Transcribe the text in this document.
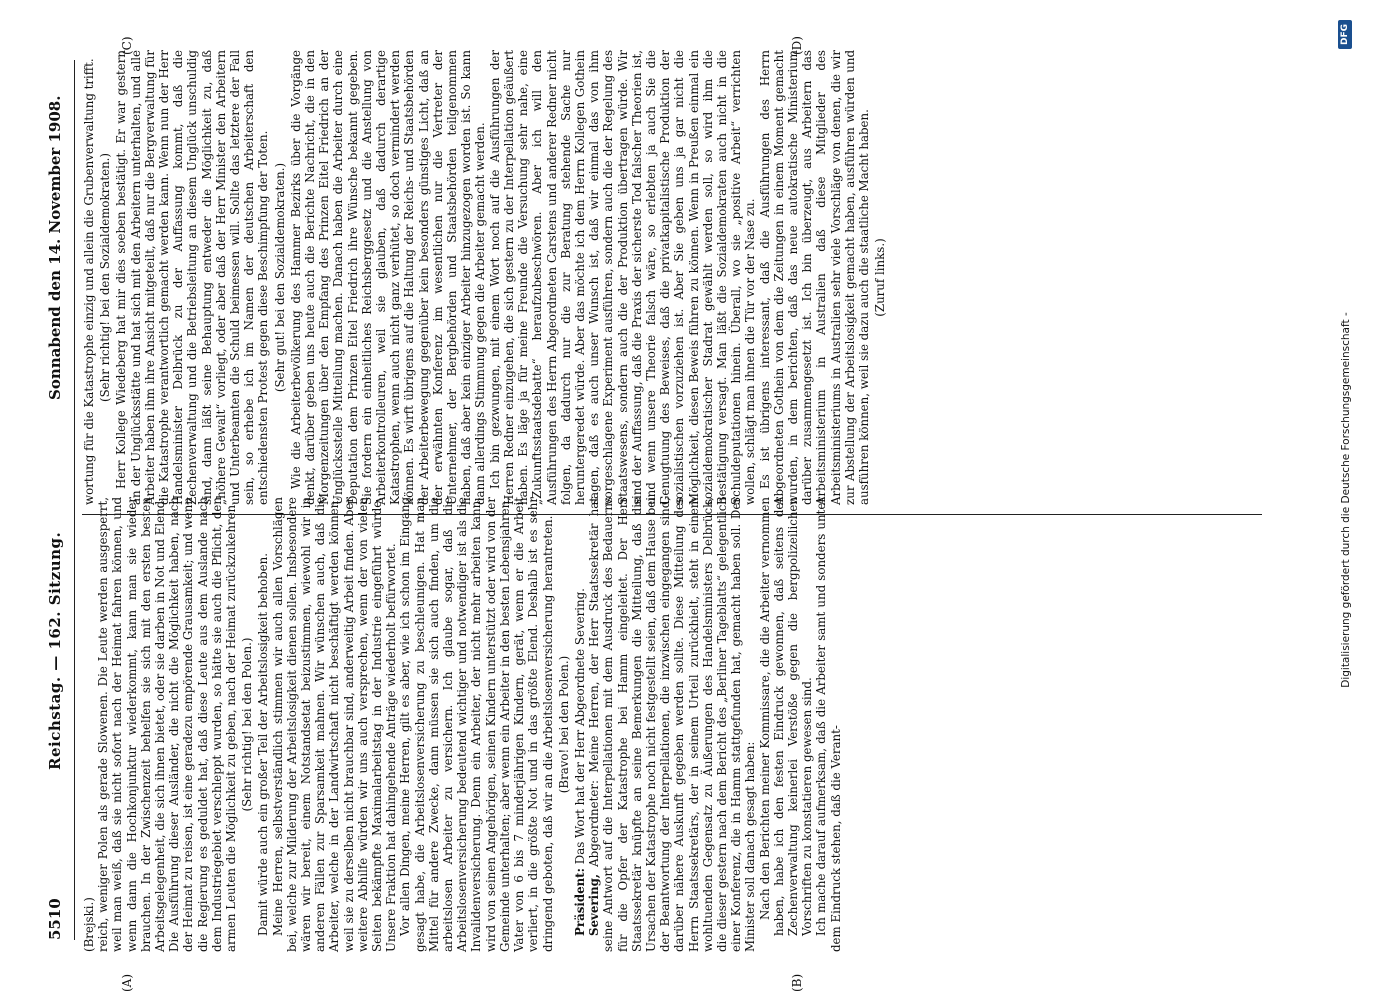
5510
Reichstag. — 162. Sitzung.
Sonnabend den 14. November 1908.
(A)	(B)
(C)	(D)

(Brejski.) reich, weniger Polen als gerade Slowenen. Die Leute werden ausgesperrt, weil man weiß, daß sie nicht sofort nach der Heimat fahren können, und wenn dann die Hochkonjunktur wiederkommt, kann man sie wieder brauchen. In der Zwischenzeit behelfen sie sich mit den ersten besten Arbeitsgelegenheit, die sich ihnen bietet, oder sie darben in Not und Elend. Die Ausführung dieser Ausländer, die nicht die Möglichkeit haben, nach der Heimat zu reisen, ist eine geradezu empörende Grausamkeit; und wenn die Regierung es geduldet hat, daß diese Leute aus dem Auslande nach dem Industriegebiet verschleppt wurden, so hätte sie auch die Pflicht, den armen Leuten die Möglichkeit zu geben, nach der Heimat zurückzukehren. (Sehr richtig! bei den Polen.) Damit würde auch ein großer Teil der Arbeitslosigkeit behoben. Meine Herren, selbstverständlich stimmen wir auch allen Vorschlägen bei, welche zur Milderung der Arbeitslosigkeit dienen sollen. Insbesondere wären wir bereit, einem Notstandsetat beizustimmen, wiewohl wir in anderen Fällen zur Sparsamkeit mahnen. Wir wünschen auch, daß die Arbeiter, welche in der Landwirtschaft nicht beschäftigt werden können, weil sie zu derselben nicht brauchbar sind, anderweitig Arbeit finden. Aber weitere Abhilfe würden wir uns auch versprechen, wenn der von vielen Seiten bekämpfte Maximalarbeitstag in der Industrie eingeführt würde. Unsere Fraktion hat dahingehende Anträge wiederholt befürwortet. Vor allen Dingen, meine Herren, gilt es aber, wie ich schon im Eingang gesagt habe, die Arbeitslosenversicherung zu beschleunigen. Hat man Mittel für andere Zwecke, dann müssen sie sich auch finden, um die arbeitslosen Arbeiter zu versichern. Ich glaube sogar, daß die Arbeitslosenversicherung bedeutend wichtiger und notwendiger ist als die Invalidenversicherung. Denn ein Arbeiter, der nicht mehr arbeiten kann, wird von seinen Angehörigen, seinen Kindern unterstützt oder wird von der Gemeinde unterhalten; aber wenn ein Arbeiter in den besten Lebensjahren, Vater von 6 bis 7 minderjährigen Kindern, gerät, wenn er die Arbeit verliert, in die größte Not und in das größte Elend. Deshalb ist es sehr dringend geboten, daß wir an die Arbeitslosenversicherung herantreten. (Bravo! bei den Polen.)

Präsident: Das Wort hat der Herr Abgeordnete Severing.

Severing, Abgeordneter: Meine Herren, der Herr Staatssekretär hat seine Antwort auf die Interpellationen mit dem Ausdruck des Bedauerns für die Opfer der Katastrophe bei Hamm eingeleitet. Der Herr Staatssekretär knüpfte an seine Bemerkungen die Mitteilung, daß die Ursachen der Katastrophe noch nicht festgestellt seien, daß dem Hause bei der Beantwortung der Interpellationen, die inzwischen eingegangen sind, darüber nähere Auskunft gegeben werden sollte. Diese Mitteilung des Herrn Staatssekretärs, der in seinem Urteil zurückhielt, steht in einem wohltuenden Gegensatz zu Äußerungen des Handelsministers Delbrück, die dieser gestern nach dem Bericht des „Berliner Tageblatts“ gelegentlich einer Konferenz, die in Hamm stattgefunden hat, gemacht haben soll. Der Minister soll danach gesagt haben: Nach den Berichten meiner Kommissare, die die Arbeiter vernommen haben, habe ich den festen Eindruck gewonnen, daß seitens der Zechenverwaltung keinerlei Verstöße gegen die bergpolizeilichen Vorschriften zu konstatieren gewesen sind. Ich mache darauf aufmerksam, daß die Arbeiter samt und sonders unter dem Eindruck stehen, daß die Verant-

wortung für die Katastrophe einzig und allein die Grubenverwaltung trifft. (Sehr richtig! bei den Sozialdemokraten.) Herr Kollege Wiedeberg hat mir dies soeben bestätigt. Er war gestern an der Unglücksstätte und hat sich mit den Arbeitern unterhalten, und alle Arbeiter haben ihm ihre Ansicht mitgeteilt, daß nur die Bergverwaltung für die Katastrophe verantwortlich gemacht werden kann. Wenn nun der Herr Handelsminister Delbrück zu der Auffassung kommt, daß die Zechenverwaltung und die Betriebsleitung an diesem Unglück unschuldig sind, dann läßt seine Behauptung entweder die Möglichkeit zu, daß „höhere Gewalt“ vorliegt, oder aber daß der Herr Minister den Arbeitern und Unterbeamten die Schuld beimessen will. Sollte das letztere der Fall sein, so erhebe ich im Namen der deutschen Arbeiterschaft den entschiedensten Protest gegen diese Beschimpfung der Toten. (Sehr gut! bei den Sozialdemokraten.) Wie die Arbeiterbevölkerung des Hammer Bezirks über die Vorgänge denkt, darüber geben uns heute auch die Berichte Nachricht, die in den Morgenzeitungen über den Empfang des Prinzen Eitel Friedrich an der Unglücksstelle Mitteilung machen. Danach haben die Arbeiter durch eine Deputation dem Prinzen Eitel Friedrich ihre Wünsche bekannt gegeben. Sie fordern ein einheitliches Reichsberggesetz und die Anstellung von Arbeiterkontrolleuren, weil sie glauben, daß dadurch derartige Katastrophen, wenn auch nicht ganz verhütet, so doch vermindert werden können. Es wirft übrigens auf die Haltung der Reichs- und Staatsbehörden der Arbeiterbewegung gegenüber kein besonders günstiges Licht, daß an der erwähnten Konferenz im wesentlichen nur die Vertreter der Unternehmer, der Bergbehörden und Staatsbehörden teilgenommen haben, daß aber kein einziger Arbeiter hinzugezogen worden ist. So kann dann allerdings Stimmung gegen die Arbeiter gemacht werden. Ich bin gezwungen, mit einem Wort noch auf die Ausführungen der Herren Redner einzugehen, die sich gestern zu der Interpellation geäußert haben. Es läge ja für meine Freunde die Versuchung sehr nahe, eine „Zukunftsstaatsdebatte“ heraufzubeschwören. Aber ich will den Ausführungen des Herrn Abgeordneten Carstens und anderer Redner nicht folgen, da dadurch nur die zur Beratung stehende Sache nur heruntergeredet würde. Aber das möchte ich dem Herrn Kollegen Gothein sagen, daß es auch unser Wunsch ist, daß wir einmal das von ihm vorgeschlagene Experiment ausführen, sondern auch die der Regelung des Staatswesens, sondern auch die der Produktion übertragen würde. Wir sind der Auffassung, daß die Praxis der sicherste Tod falscher Theorien ist, und wenn unsere Theorie falsch wäre, so erlebten ja auch Sie die Genugtuung des Beweises, daß die privatkapitalistische Produktion der sozialistischen vorzuziehen ist. Aber Sie geben uns ja gar nicht die Möglichkeit, diesen Beweis führen zu können. Wenn in Preußen einmal ein sozialdemokratischer Stadrat gewählt werden soll, so wird ihm die Bestätigung versagt. Man läßt die Sozialdemokraten auch nicht in die Schuldeputationen hinein. Überall, wo sie „positive Arbeit“ verrichten wollen, schlägt man ihnen die Tür vor der Nase zu. Es ist übrigens interessant, daß die Ausführungen des Herrn Abgeordneten Gothein von dem die Zeitungen in einem Moment gemacht wurden, in dem berichten, daß das neue autokratische Ministerium darüber zusammengesetzt ist. Ich bin überzeugt, aus Arbeitern das Arbeitsministerium in Australien daß diese Mitglieder des Arbeitsministeriums in Australien sehr viele Vorschläge von denen, die wir zur Abstellung der Arbeitslosigkeit gemacht haben, ausführen würden und ausführen können, weil sie dazu auch die staatliche Macht haben. (Zuruf links.)

Digitalisierung gefördert durch die Deutsche Forschungsgemeinschaft -
DFG
